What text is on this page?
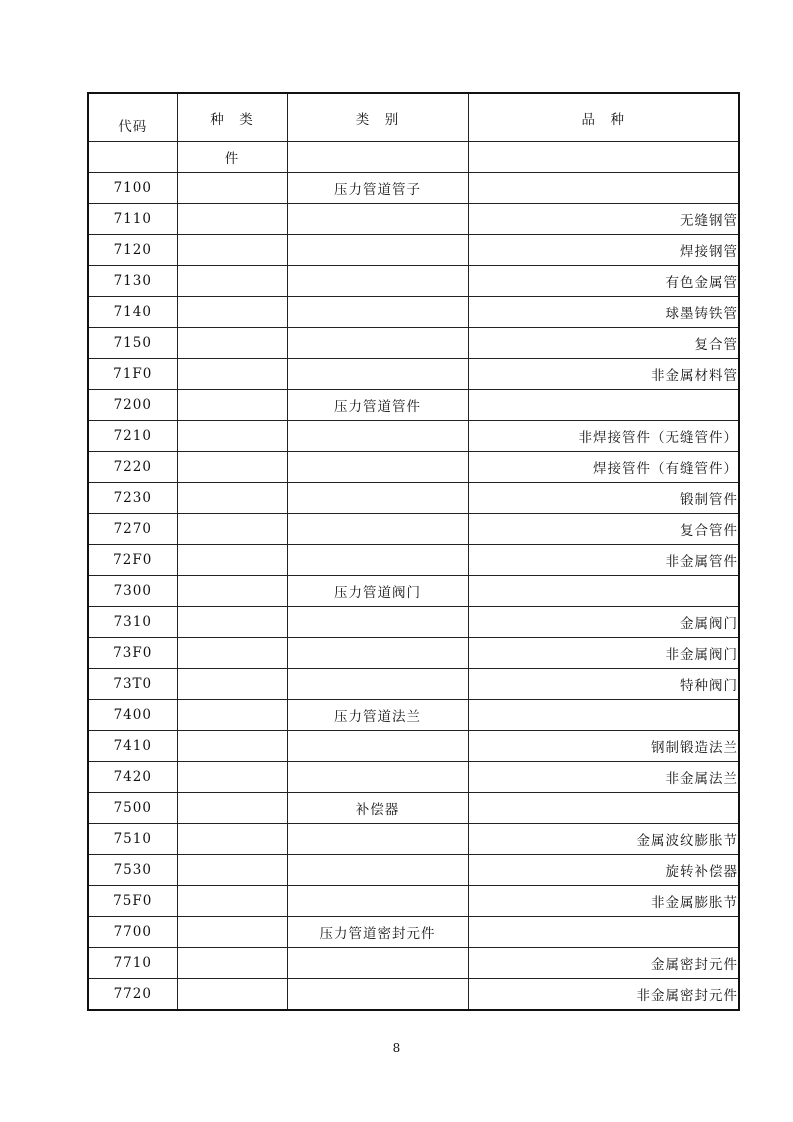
代码	种　类	类　别	品　种
	件		
7100		压力管道管子	
7110			无缝钢管
7120			焊接钢管
7130			有色金属管
7140			球墨铸铁管
7150			复合管
71F0			非金属材料管
7200		压力管道管件	
7210			非焊接管件（无缝管件）
7220			焊接管件（有缝管件）
7230			锻制管件
7270			复合管件
72F0			非金属管件
7300		压力管道阀门	
7310			金属阀门
73F0			非金属阀门
73T0			特种阀门
7400		压力管道法兰	
7410			钢制锻造法兰
7420			非金属法兰
7500		补偿器	
7510			金属波纹膨胀节
7530			旋转补偿器
75F0			非金属膨胀节
7700		压力管道密封元件	
7710			金属密封元件
7720			非金属密封元件
8
